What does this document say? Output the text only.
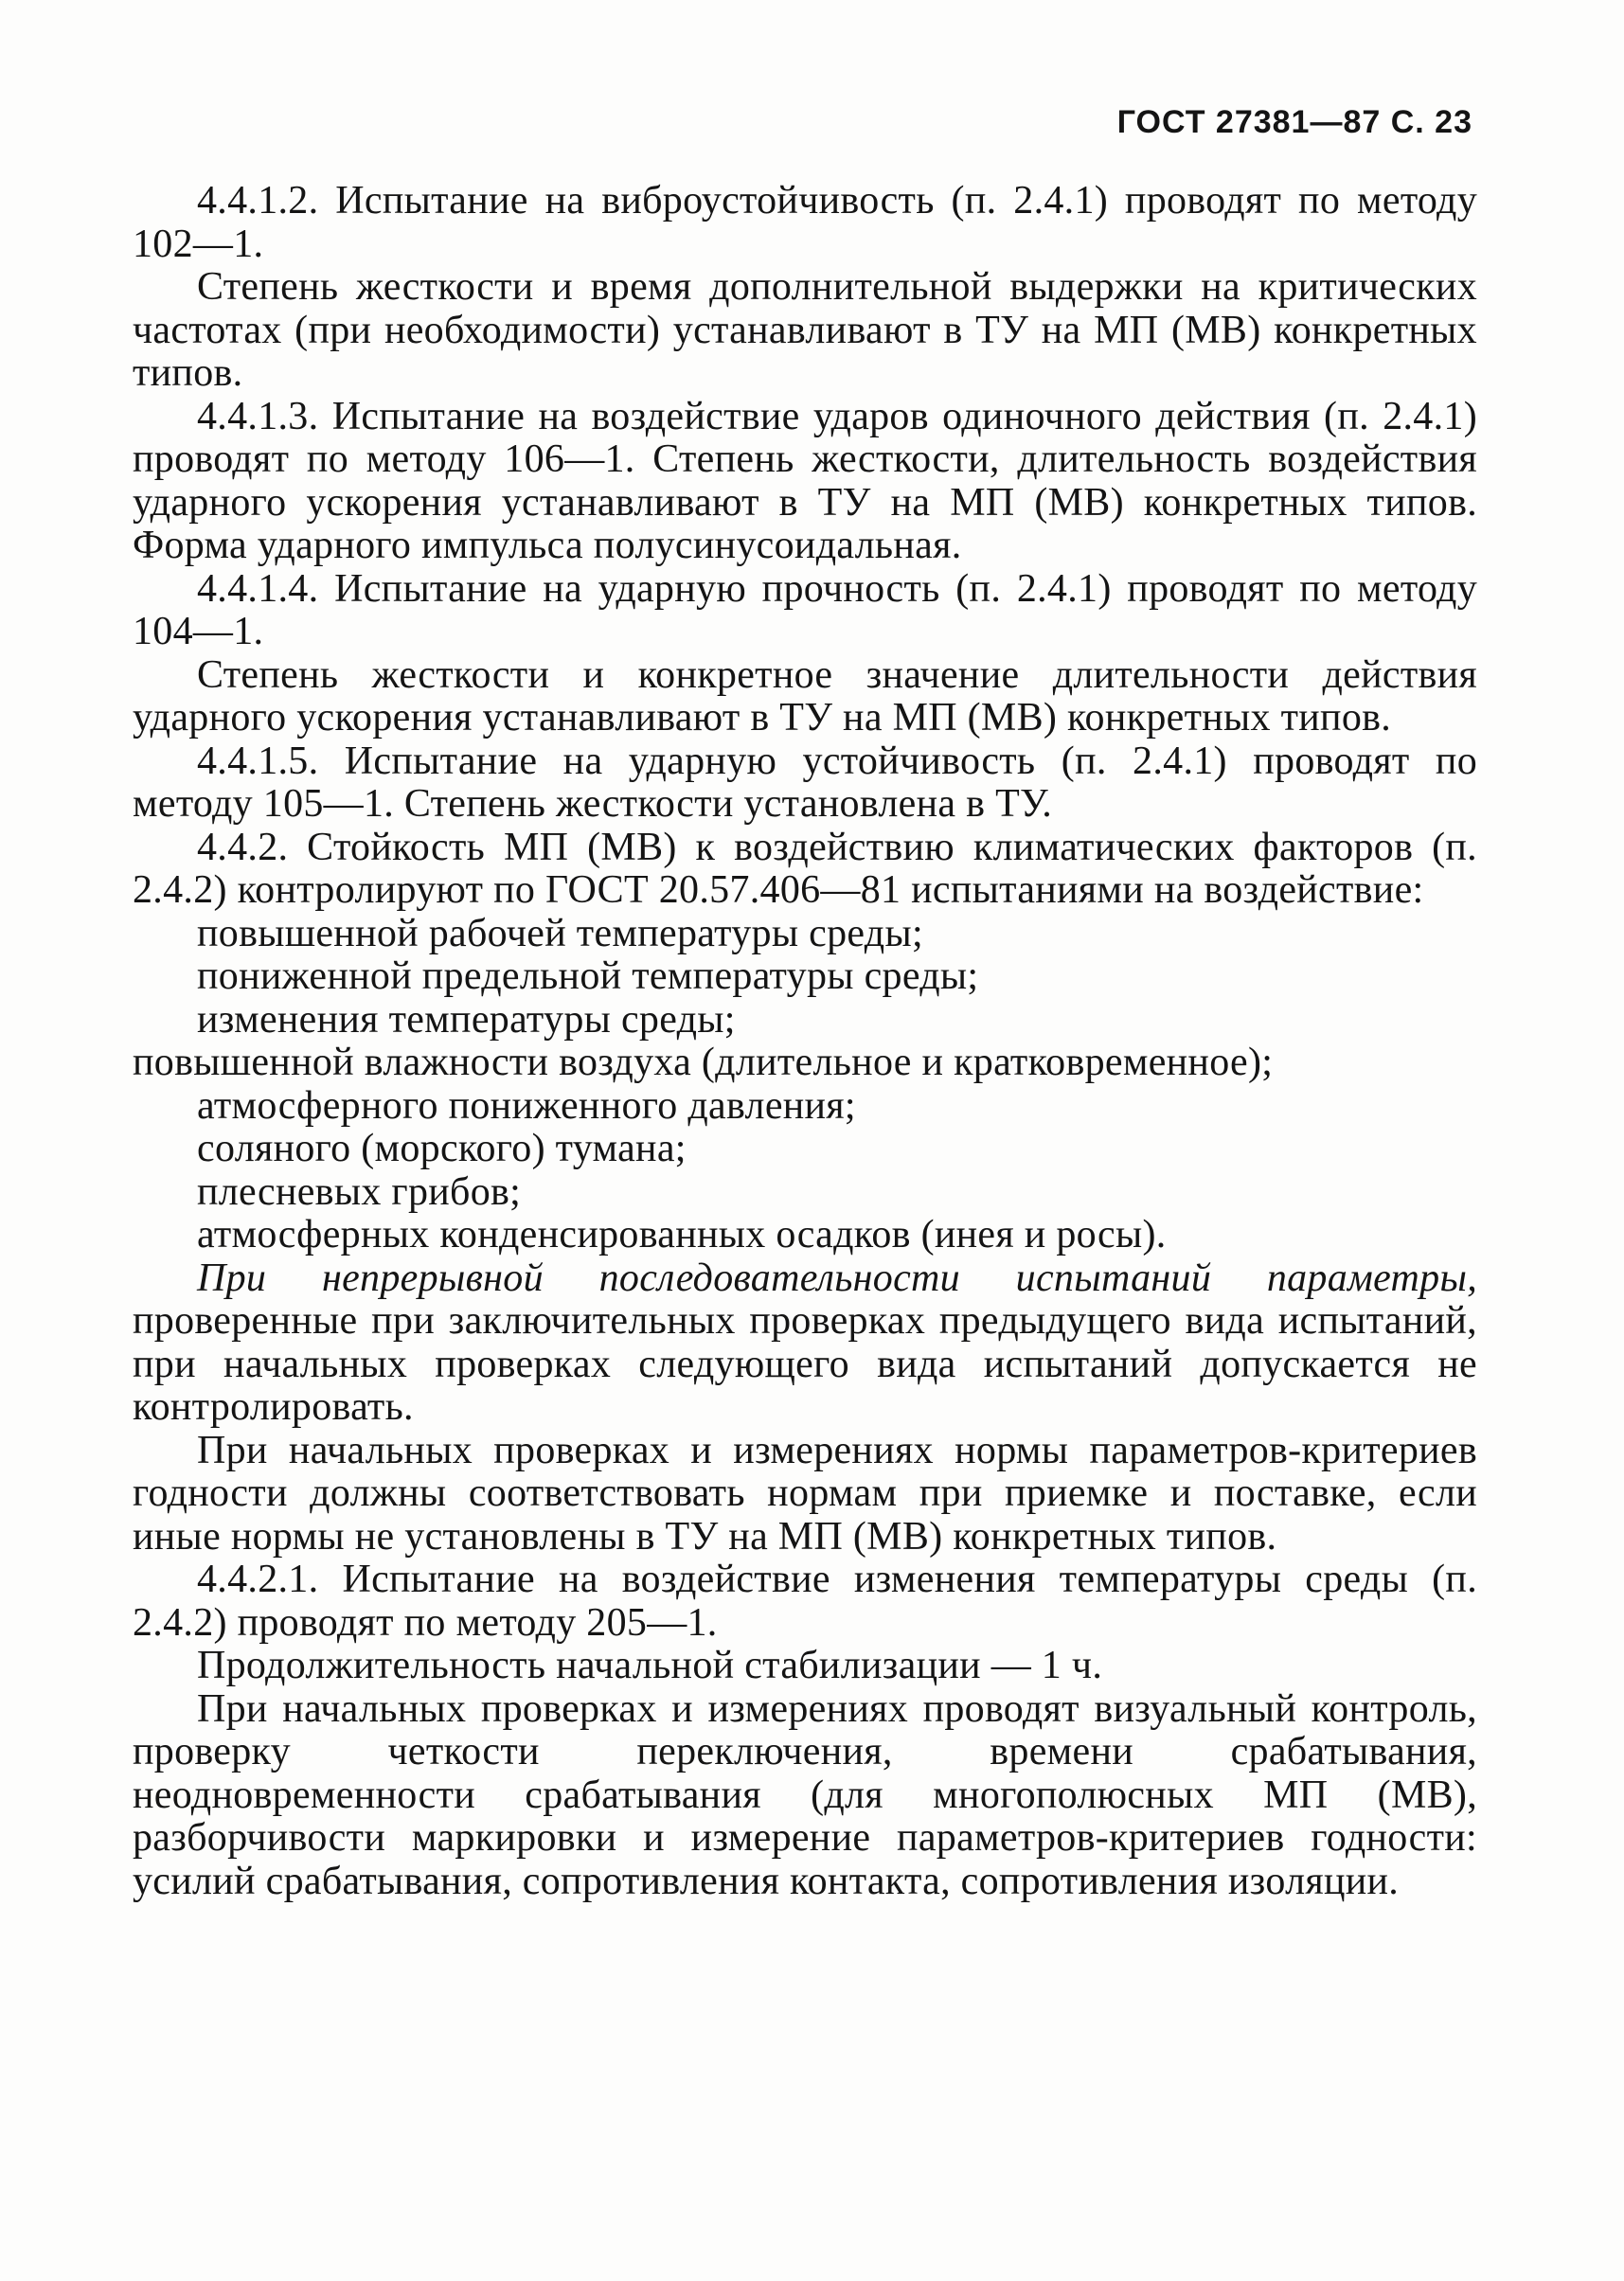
ГОСТ 27381—87 С. 23

4.4.1.2. Испытание на виброустойчивость (п. 2.4.1) проводят по методу 102—1.

Степень жесткости и время дополнительной выдержки на критических частотах (при необходимости) устанавливают в ТУ на МП (МВ) конкретных типов.

4.4.1.3. Испытание на воздействие ударов одиночного действия (п. 2.4.1) проводят по методу 106—1. Степень жесткости, длительность воздействия ударного ускорения устанавливают в ТУ на МП (МВ) конкретных типов. Форма ударного импульса полусинусоидальная.

4.4.1.4. Испытание на ударную прочность (п. 2.4.1) проводят по методу 104—1.

Степень жесткости и конкретное значение длительности действия ударного ускорения устанавливают в ТУ на МП (МВ) конкретных типов.

4.4.1.5. Испытание на ударную устойчивость (п. 2.4.1) проводят по методу 105—1. Степень жесткости установлена в ТУ.

4.4.2. Стойкость МП (МВ) к воздействию климатических факторов (п. 2.4.2) контролируют по ГОСТ 20.57.406—81 испытаниями на воздействие:

повышенной рабочей температуры среды;

пониженной предельной температуры среды;

изменения температуры среды;

повышенной влажности воздуха (длительное и кратковременное);

атмосферного пониженного давления;

соляного (морского) тумана;

плесневых грибов;

атмосферных конденсированных осадков (инея и росы).

При непрерывной последовательности испытаний параметры, проверенные при заключительных проверках предыдущего вида испытаний, при начальных проверках следующего вида испытаний допускается не контролировать.

При начальных проверках и измерениях нормы параметров-критериев годности должны соответствовать нормам при приемке и поставке, если иные нормы не установлены в ТУ на МП (МВ) конкретных типов.

4.4.2.1. Испытание на воздействие изменения температуры среды (п. 2.4.2) проводят по методу 205—1.

Продолжительность начальной стабилизации — 1 ч.

При начальных проверках и измерениях проводят визуальный контроль, проверку четкости переключения, времени срабатывания, неодновременности срабатывания (для многополюсных МП (МВ), разборчивости маркировки и измерение параметров-критериев годности: усилий срабатывания, сопротивления контакта, сопротивления изоляции.
